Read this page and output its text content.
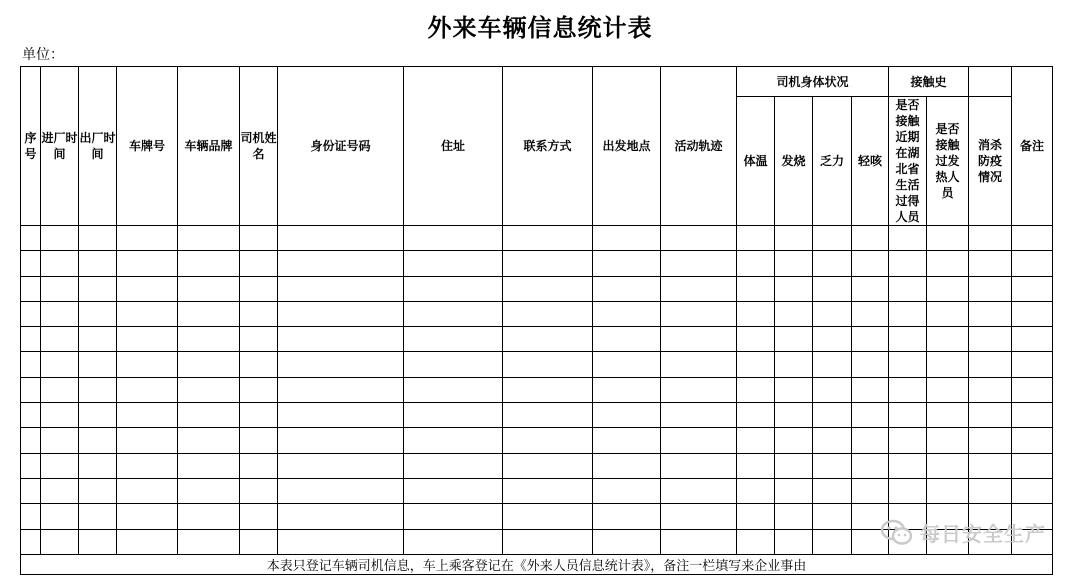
外来车辆信息统计表
单位：
序号	进厂时间	出厂时间	车牌号	车辆品牌	司机姓名	身份证号码	住址	联系方式	出发地点	活动轨迹	司机身体状况				接触史			备注
											体温	发烧	乏力	轻咳	是否接触近期在湖北省生活过得人员	是否接触过发热人员	消杀防疫情况	

本表只登记车辆司机信息，车上乘客登记在《外来人员信息统计表》，备注一栏填写来企业事由																		
每日安全生产
